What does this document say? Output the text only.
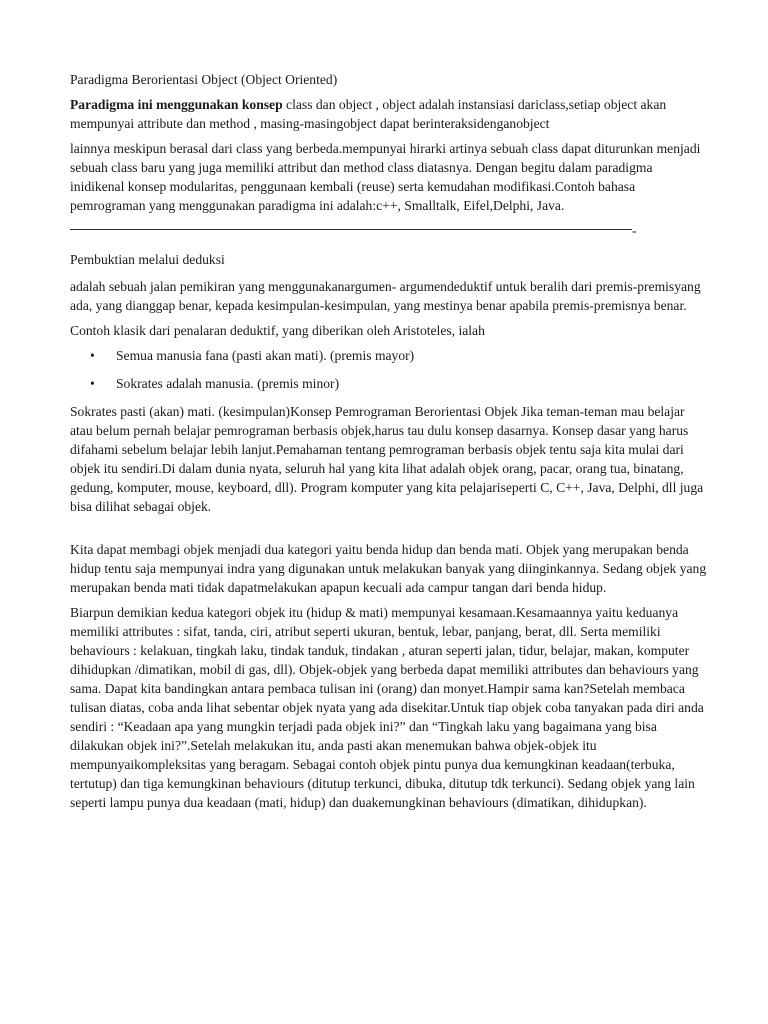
Paradigma Berorientasi Object (Object Oriented)

Paradigma ini menggunakan konsep class dan object , object adalah instansiasi dariclass,setiap object akan mempunyai attribute dan method , masing-masingobject dapat berinteraksidenganobject

lainnya meskipun berasal dari class yang berbeda.mempunyai hirarki artinya sebuah class dapat diturunkan menjadi sebuah class baru yang juga memiliki attribut dan method class diatasnya. Dengan begitu dalam paradigma inidikenal konsep modularitas, penggunaan kembali (reuse) serta kemudahan modifikasi.Contoh bahasa pemrograman yang menggunakan paradigma ini adalah:c++, Smalltalk, Eifel,Delphi, Java.

-

Pembuktian melalui deduksi

adalah sebuah jalan pemikiran yang menggunakanargumen- argumendeduktif untuk beralih dari premis-premisyang ada, yang dianggap benar, kepada kesimpulan-kesimpulan, yang mestinya benar apabila premis-premisnya benar.

Contoh klasik dari penalaran deduktif, yang diberikan oleh Aristoteles, ialah

• Semua manusia fana (pasti akan mati). (premis mayor)
• Sokrates adalah manusia. (premis minor)

Sokrates pasti (akan) mati. (kesimpulan)Konsep Pemrograman Berorientasi Objek Jika teman-teman mau belajar atau belum pernah belajar pemrograman berbasis objek,harus tau dulu konsep dasarnya. Konsep dasar yang harus difahami sebelum belajar lebih lanjut.Pemahaman tentang pemrograman berbasis objek tentu saja kita mulai dari objek itu sendiri.Di dalam dunia nyata, seluruh hal yang kita lihat adalah objek orang, pacar, orang tua, binatang, gedung, komputer, mouse, keyboard, dll). Program komputer yang kita pelajariseperti C, C++, Java, Delphi, dll juga bisa dilihat sebagai objek.

Kita dapat membagi objek menjadi dua kategori yaitu benda hidup dan benda mati. Objek yang merupakan benda hidup tentu saja mempunyai indra yang digunakan untuk melakukan banyak yang diinginkannya. Sedang objek yang merupakan benda mati tidak dapatmelakukan apapun kecuali ada campur tangan dari benda hidup.

Biarpun demikian kedua kategori objek itu (hidup & mati) mempunyai kesamaan.Kesamaannya yaitu keduanya memiliki attributes : sifat, tanda, ciri, atribut seperti ukuran, bentuk, lebar, panjang, berat, dll. Serta memiliki behaviours : kelakuan, tingkah laku, tindak tanduk, tindakan , aturan seperti jalan, tidur, belajar, makan, komputer dihidupkan /dimatikan, mobil di gas, dll). Objek-objek yang berbeda dapat memiliki attributes dan behaviours yang sama. Dapat kita bandingkan antara pembaca tulisan ini (orang) dan monyet.Hampir sama kan?Setelah membaca tulisan diatas, coba anda lihat sebentar objek nyata yang ada disekitar.Untuk tiap objek coba tanyakan pada diri anda sendiri : “Keadaan apa yang mungkin terjadi pada objek ini?” dan “Tingkah laku yang bagaimana yang bisa dilakukan objek ini?”.Setelah melakukan itu, anda pasti akan menemukan bahwa objek-objek itu mempunyaikompleksitas yang beragam. Sebagai contoh objek pintu punya dua kemungkinan keadaan(terbuka, tertutup) dan tiga kemungkinan behaviours (ditutup terkunci, dibuka, ditutup tdk terkunci). Sedang objek yang lain seperti lampu punya dua keadaan (mati, hidup) dan duakemungkinan behaviours (dimatikan, dihidupkan).
